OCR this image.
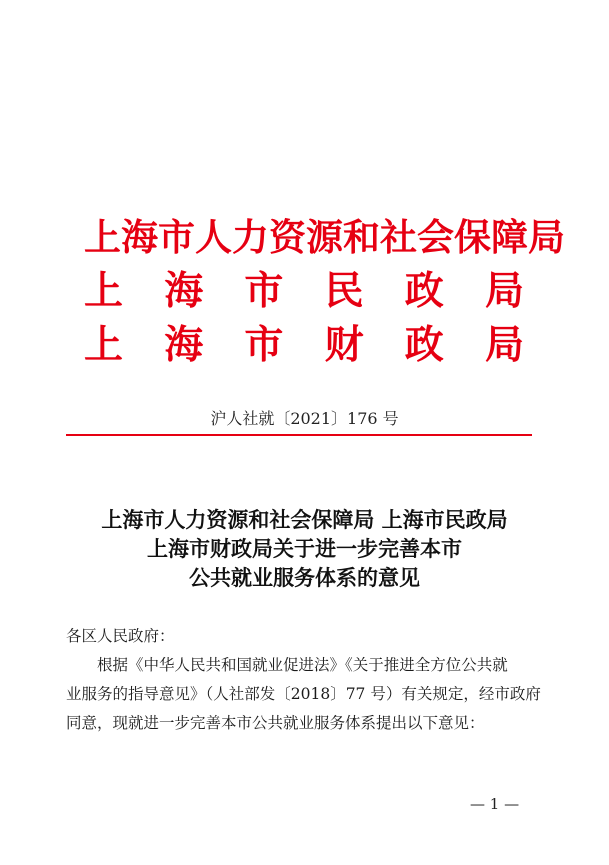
上海市人力资源和社会保障局
上 海 市 民 政 局
上 海 市 财 政 局
沪人社就〔2021〕176 号
上海市人力资源和社会保障局 上海市民政局
上海市财政局关于进一步完善本市
公共就业服务体系的意见
各区人民政府：
根据《中华人民共和国就业促进法》《关于推进全方位公共就
业服务的指导意见》（人社部发〔2018〕77 号）有关规定，经市政府
同意，现就进一步完善本市公共就业服务体系提出以下意见：
— 1 —
